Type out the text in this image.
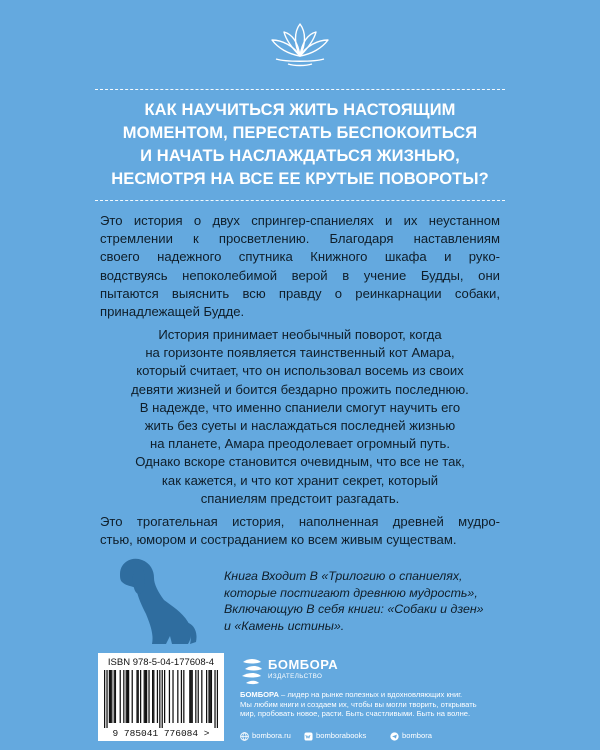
КАК НАУЧИТЬСЯ ЖИТЬ НАСТОЯЩИМ
МОМЕНТОМ, ПЕРЕСТАТЬ БЕСПОКОИТЬСЯ
И НАЧАТЬ НАСЛАЖДАТЬСЯ ЖИЗНЬЮ,
НЕСМОТРЯ НА ВСЕ ЕЕ КРУТЫЕ ПОВОРОТЫ?
Это история о двух спрингер-спаниелях и их неустанном
стремлении к просветлению. Благодаря наставлениям
своего надежного спутника Книжного шкафа и руко-
водствуясь непоколебимой верой в учение Будды, они
пытаются выяснить всю правду о реинкарнации собаки,
принадлежащей Будде.
История принимает необычный поворот, когда
на горизонте появляется таинственный кот Амара,
который считает, что он использовал восемь из своих
девяти жизней и боится бездарно прожить последнюю.
В надежде, что именно спаниели смогут научить его
жить без суеты и наслаждаться последней жизнью
на планете, Амара преодолевает огромный путь.
Однако вскоре становится очевидным, что все не так,
как кажется, и что кот хранит секрет, который
спаниелям предстоит разгадать.
Это трогательная история, наполненная древней мудро-
стью, юмором и состраданием ко всем живым существам.
Книга Входит В «Трилогию о спаниелях,
которые постигают древнюю мудрость»,
Включающую В себя книги: «Собаки и дзен»
и «Камень истины».
ISBN 978-5-04-177608-4
9 785041 776084 >
БОМБОРА
ИЗДАТЕЛЬСТВО
БОМБОРА – лидер на рынке полезных и вдохновляющих книг.
Мы любим книги и создаем их, чтобы вы могли творить, открывать
мир, пробовать новое, расти. Быть счастливыми. Быть на волне.
bombora.ru	bomborabooks	bombora
